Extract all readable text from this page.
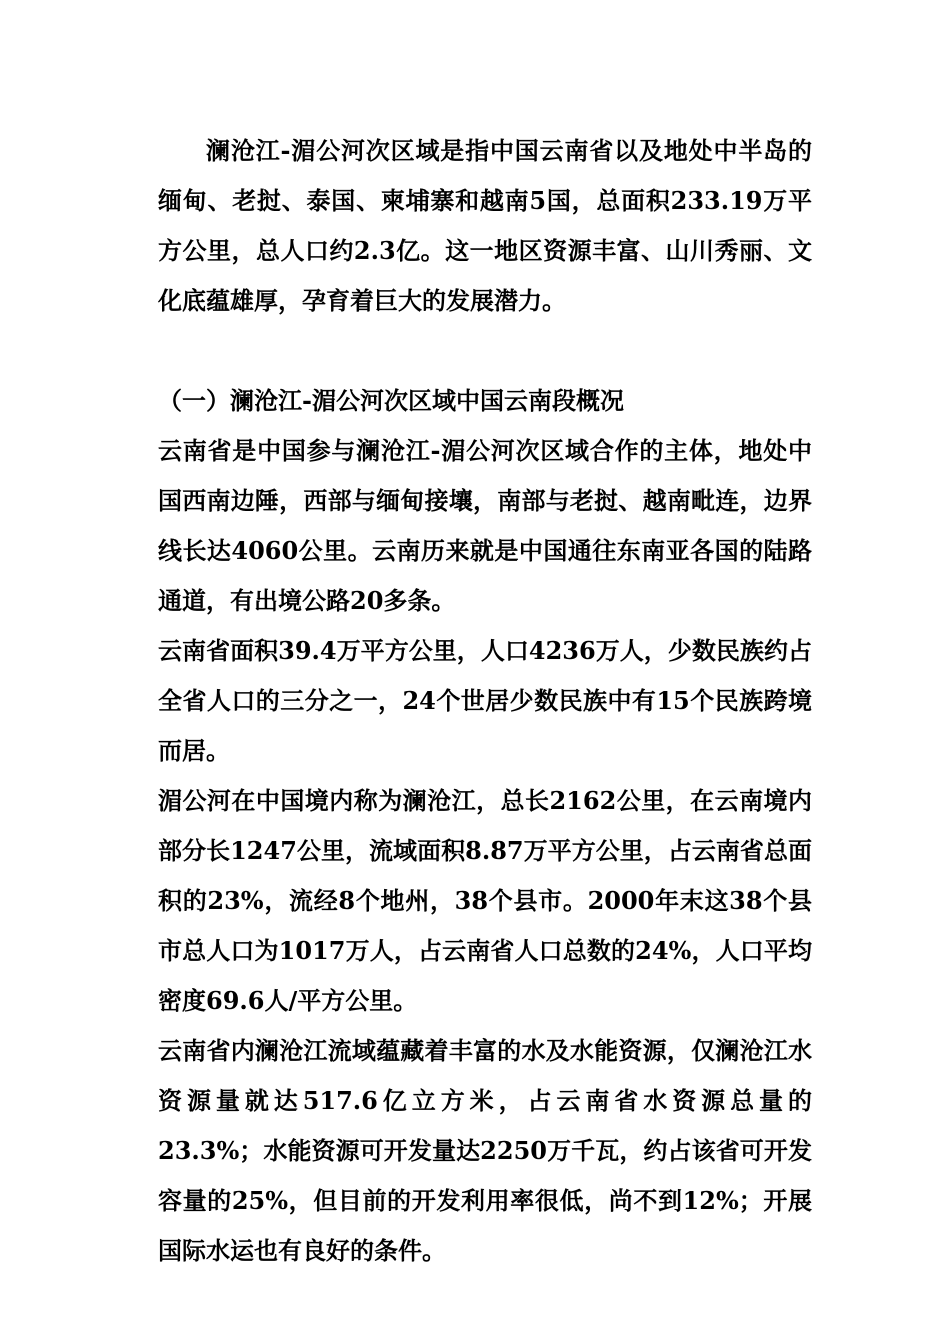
澜沧江-湄公河次区域是指中国云南省以及地处中半岛的缅甸、老挝、泰国、柬埔寨和越南5国，总面积233.19万平方公里，总人口约2.3亿。这一地区资源丰富、山川秀丽、文化底蕴雄厚，孕育着巨大的发展潜力。

（一）澜沧江-湄公河次区域中国云南段概况

云南省是中国参与澜沧江-湄公河次区域合作的主体，地处中国西南边陲，西部与缅甸接壤，南部与老挝、越南毗连，边界线长达4060公里。云南历来就是中国通往东南亚各国的陆路通道，有出境公路20多条。

云南省面积39.4万平方公里，人口4236万人，少数民族约占全省人口的三分之一，24个世居少数民族中有15个民族跨境而居。

湄公河在中国境内称为澜沧江，总长2162公里，在云南境内部分长1247公里，流域面积8.87万平方公里，占云南省总面积的23%，流经8个地州，38个县市。2000年末这38个县市总人口为1017万人，占云南省人口总数的24%，人口平均密度69.6人/平方公里。

云南省内澜沧江流域蕴藏着丰富的水及水能资源，仅澜沧江水资源量就达517.6亿立方米，占云南省水资源总量的23.3%；水能资源可开发量达2250万千瓦，约占该省可开发容量的25%，但目前的开发利用率很低，尚不到12%；开展国际水运也有良好的条件。
